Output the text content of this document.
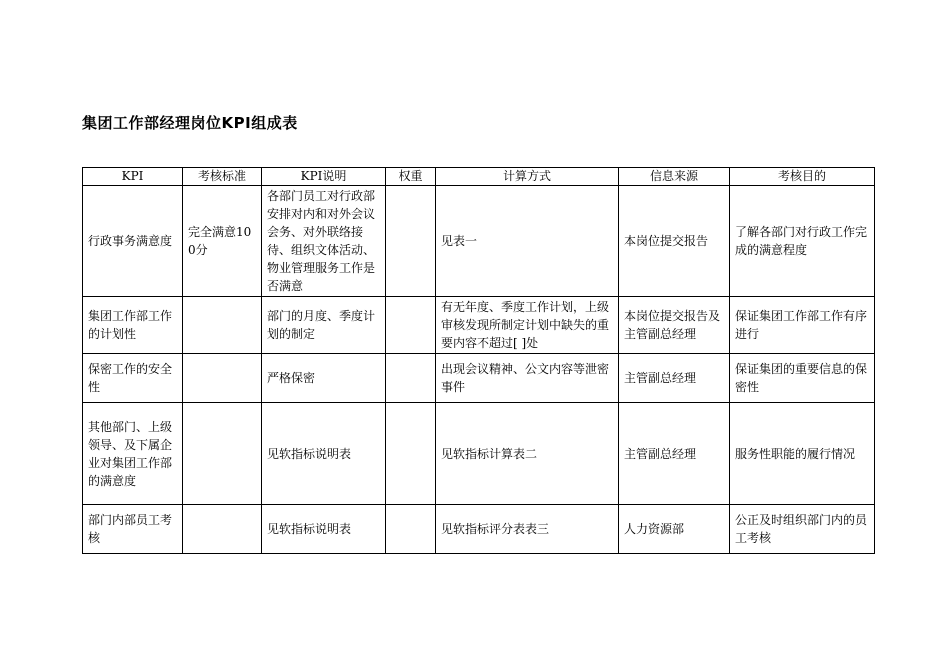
集团工作部经理岗位KPI组成表
KPI	考核标准	KPI说明	权重	计算方式	信息来源	考核目的
行政事务满意度	完全满意100分	各部门员工对行政部安排对内和对外会议会务、对外联络接待、组织文体活动、物业管理服务工作是否满意		见表一	本岗位提交报告	了解各部门对行政工作完成的满意程度
集团工作部工作的计划性		部门的月度、季度计划的制定		有无年度、季度工作计划，上级审核发现所制定计划中缺失的重要内容不超过[ ]处	本岗位提交报告及主管副总经理	保证集团工作部工作有序进行
保密工作的安全性		严格保密		出现会议精神、公文内容等泄密事件	主管副总经理	保证集团的重要信息的保密性
其他部门、上级领导、及下属企业对集团工作部的满意度		见软指标说明表		见软指标计算表二	主管副总经理	服务性职能的履行情况
部门内部员工考核		见软指标说明表		见软指标评分表表三	人力资源部	公正及时组织部门内的员工考核
